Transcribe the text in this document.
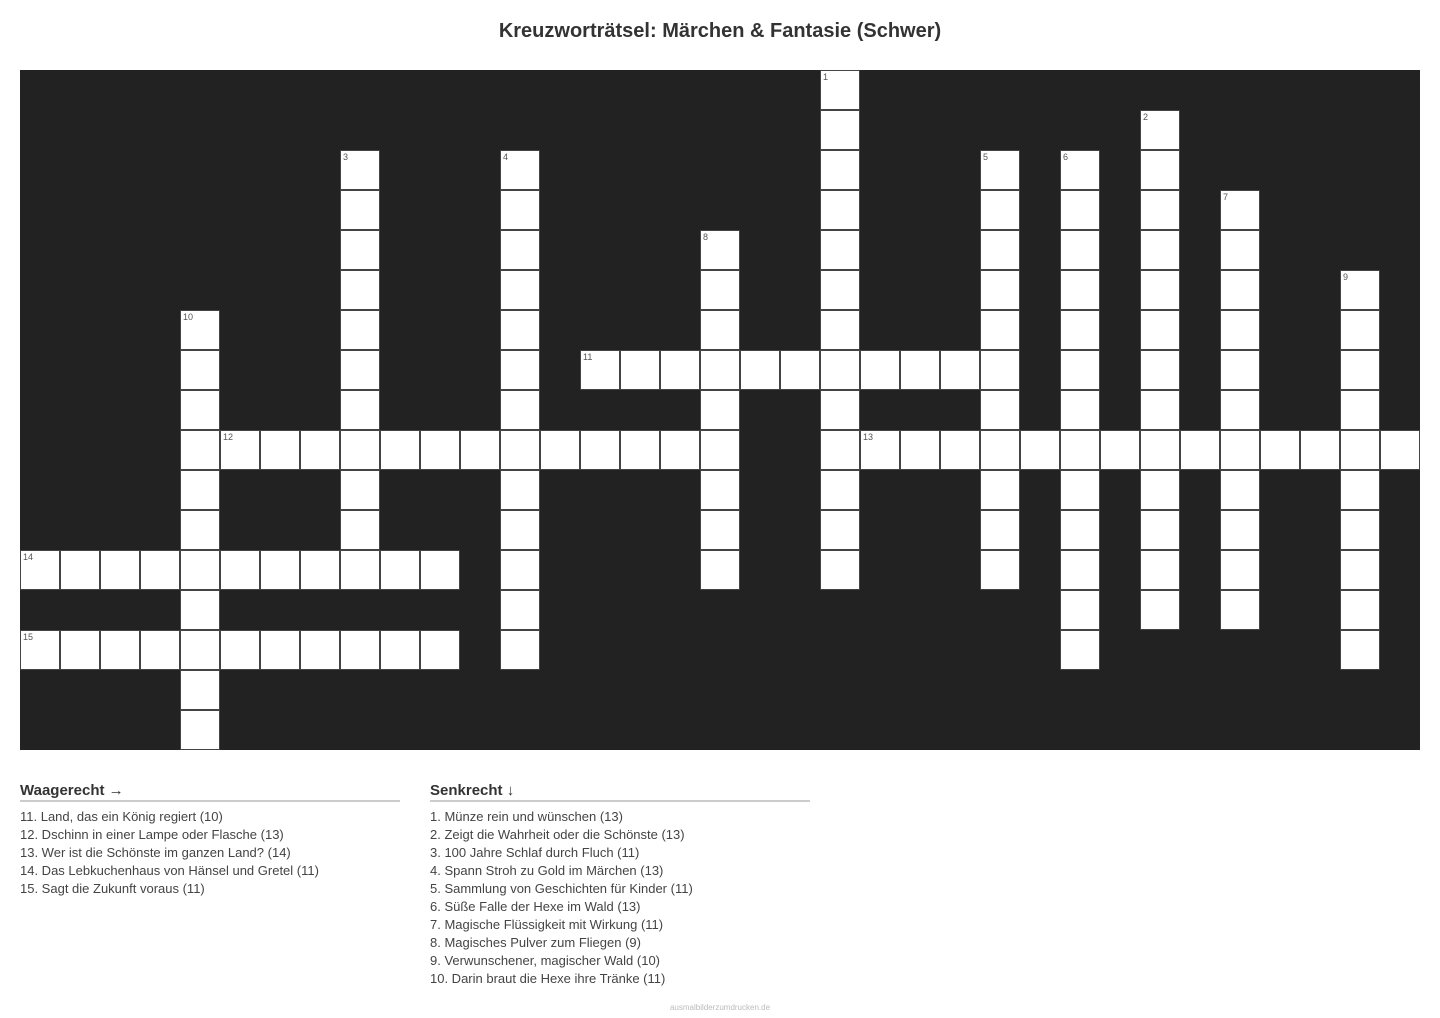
Kreuzworträtsel: Märchen & Fantasie (Schwer)
1
2
3	4	5	6
7
8
9
10
11
12	13
14
15
Waagerecht →
11. Land, das ein König regiert (10)
12. Dschinn in einer Lampe oder Flasche (13)
13. Wer ist die Schönste im ganzen Land? (14)
14. Das Lebkuchenhaus von Hänsel und Gretel (11)
15. Sagt die Zukunft voraus (11)
Senkrecht ↓
1. Münze rein und wünschen (13)
2. Zeigt die Wahrheit oder die Schönste (13)
3. 100 Jahre Schlaf durch Fluch (11)
4. Spann Stroh zu Gold im Märchen (13)
5. Sammlung von Geschichten für Kinder (11)
6. Süße Falle der Hexe im Wald (13)
7. Magische Flüssigkeit mit Wirkung (11)
8. Magisches Pulver zum Fliegen (9)
9. Verwunschener, magischer Wald (10)
10. Darin braut die Hexe ihre Tränke (11)
ausmalbilderzumdrucken.de
